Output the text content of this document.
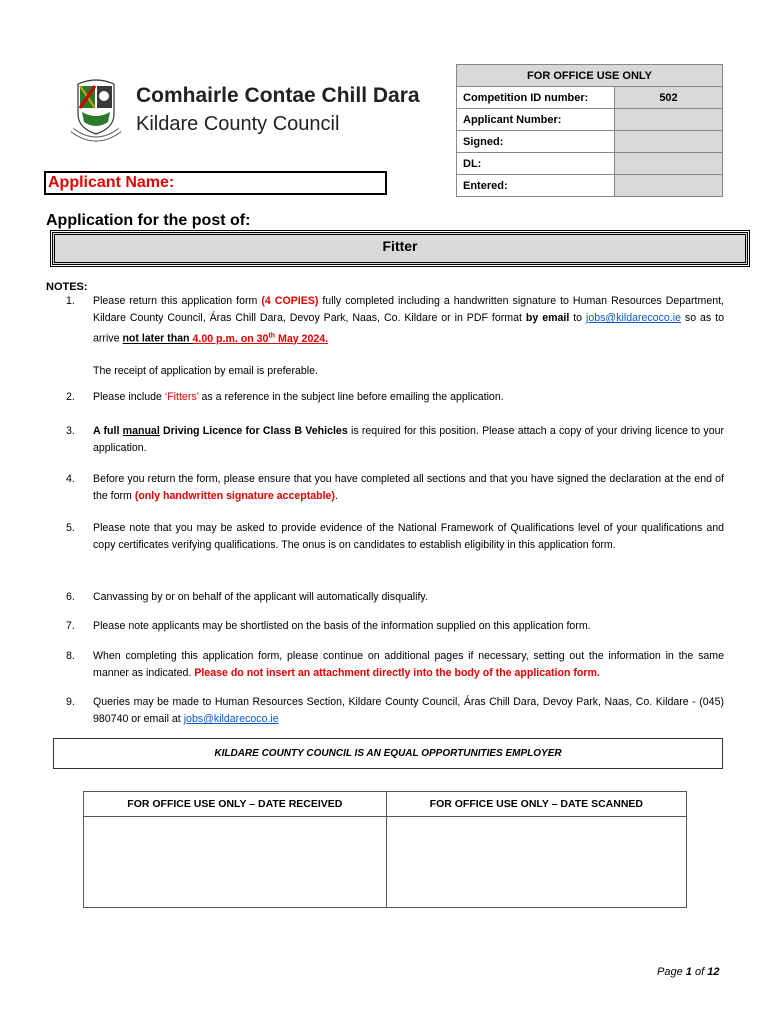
Comhairle Contae Chill Dara
Kildare County Council
FOR OFFICE USE ONLY	
Competition ID number:	502
Applicant Number:	
Signed:	
DL:	
Entered:	
Applicant Name:
Application for the post of:
Fitter
NOTES:
1. Please return this application form (4 COPIES) fully completed including a handwritten signature to Human Resources Department, Kildare County Council, Áras Chill Dara, Devoy Park, Naas, Co. Kildare or in PDF format by email to jobs@kildarecoco.ie so as to arrive not later than 4.00 p.m. on 30th May 2024.
The receipt of application by email is preferable.
2. Please include ‘Fitters’ as a reference in the subject line before emailing the application.
3. A full manual Driving Licence for Class B Vehicles is required for this position. Please attach a copy of your driving licence to your application.
4. Before you return the form, please ensure that you have completed all sections and that you have signed the declaration at the end of the form (only handwritten signature acceptable).
5. Please note that you may be asked to provide evidence of the National Framework of Qualifications level of your qualifications and copy certificates verifying qualifications. The onus is on candidates to establish eligibility in this application form.
6. Canvassing by or on behalf of the applicant will automatically disqualify.
7. Please note applicants may be shortlisted on the basis of the information supplied on this application form.
8. When completing this application form, please continue on additional pages if necessary, setting out the information in the same manner as indicated. Please do not insert an attachment directly into the body of the application form.
9. Queries may be made to Human Resources Section, Kildare County Council, Áras Chill Dara, Devoy Park, Naas, Co. Kildare - (045) 980740 or email at jobs@kildarecoco.ie
KILDARE COUNTY COUNCIL IS AN EQUAL OPPORTUNITIES EMPLOYER
FOR OFFICE USE ONLY – DATE RECEIVED	FOR OFFICE USE ONLY – DATE SCANNED

Page 1 of 12
